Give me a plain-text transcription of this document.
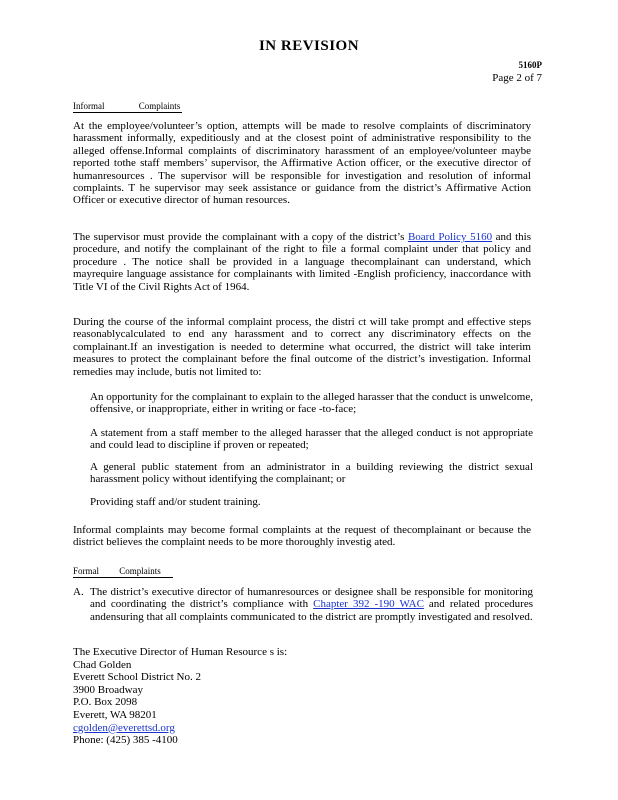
IN REVISION
5160P
Page 2 of 7
Informal	Complaints

At the employee/volunteer’s option, attempts will be made to resolve complaints of discriminatory harassment informally, expeditiously and at the closest point of administrative responsibility to the alleged offense.Informal complaints of discriminatory harassment of an employee/volunteer maybe reported tothe staff members’ supervisor, the Affirmative Action officer, or the executive director of humanresources . The supervisor will be responsible for investigation and resolution of informal complaints. T he supervisor may seek assistance or guidance from the district’s Affirmative Action Officer or executive director of human resources.

The supervisor must provide the complainant with a copy of the district’s Board Policy 5160 and this procedure, and notify the complainant of the right to file a formal complaint under that policy and procedure . The notice shall be provided in a language thecomplainant can understand, which mayrequire language assistance for complainants with limited -English proficiency, inaccordance with Title VI of the Civil Rights Act of 1964.

During the course of the informal complaint process, the distri ct will take prompt and effective steps reasonablycalculated to end any harassment and to correct any discriminatory effects on the complainant.If an investigation is needed to determine what occurred, the district will take interim measures to protect the complainant before the final outcome of the district’s investigation. Informal remedies may include, butis not limited to:

An opportunity for the complainant to explain to the alleged harasser that the conduct is unwelcome, offensive, or inappropriate, either in writing or face -to-face;
A statement from a staff member to the alleged harasser that the alleged conduct is not appropriate and could lead to discipline if proven or repeated;
A general public statement from an administrator in a building reviewing the district sexual harassment policy without identifying the complainant; or
Providing staff and/or student training.

Informal complaints may become formal complaints at the request of thecomplainant or because the district believes the complaint needs to be more thoroughly investig ated.

Formal Complaints
A. The district’s executive director of humanresources or designee shall be responsible for monitoring and coordinating the district’s compliance with Chapter 392 -190 WAC and related procedures andensuring that all complaints communicated to the district are promptly investigated and resolved.
The Executive Director of Human Resource s is:
Chad Golden
Everett School District No. 2
3900 Broadway
P.O. Box 2098
Everett, WA 98201
cgolden@everettsd.org
Phone: (425) 385 -4100
